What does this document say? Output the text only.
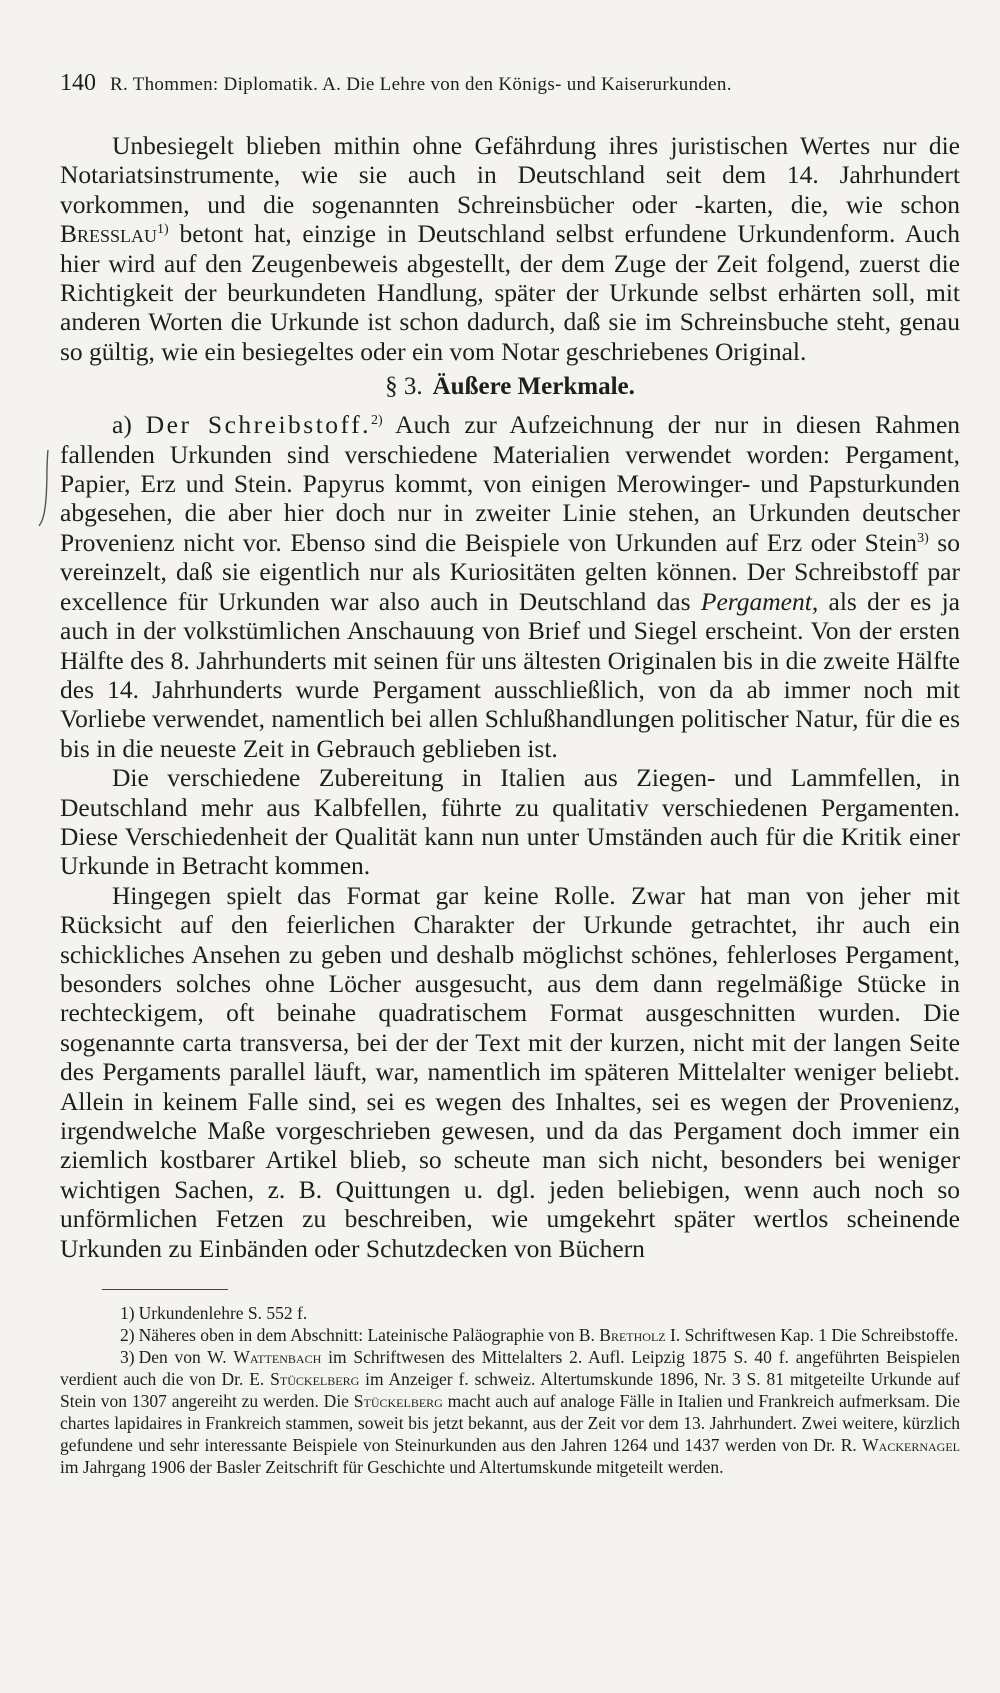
140 R. Thommen: Diplomatik. A. Die Lehre von den Königs- und Kaiserurkunden.

Unbesiegelt blieben mithin ohne Gefährdung ihres juristischen Wertes nur die Notariatsinstrumente, wie sie auch in Deutschland seit dem 14. Jahrhundert vorkommen, und die sogenannten Schreinsbücher oder -karten, die, wie schon Bresslau$^{1)}$ betont hat, einzige in Deutschland selbst erfundene Urkundenform. Auch hier wird auf den Zeugenbeweis abgestellt, der dem Zuge der Zeit folgend, zuerst die Richtigkeit der beurkundeten Handlung, später der Urkunde selbst erhärten soll, mit anderen Worten die Urkunde ist schon dadurch, daß sie im Schreinsbuche steht, genau so gültig, wie ein besiegeltes oder ein vom Notar geschriebenes Original.

§ 3. Äußere Merkmale.

a) Der Schreibstoff.$^{2)}$ Auch zur Aufzeichnung der nur in diesen Rahmen fallenden Urkunden sind verschiedene Materialien verwendet worden: Pergament, Papier, Erz und Stein. Papyrus kommt, von einigen Merowinger- und Papsturkunden abgesehen, die aber hier doch nur in zweiter Linie stehen, an Urkunden deutscher Provenienz nicht vor. Ebenso sind die Beispiele von Urkunden auf Erz oder Stein$^{3)}$ so vereinzelt, daß sie eigentlich nur als Kuriositäten gelten können. Der Schreibstoff par excellence für Urkunden war also auch in Deutschland das Pergament, als der es ja auch in der volkstümlichen Anschauung von Brief und Siegel erscheint. Von der ersten Hälfte des 8. Jahrhunderts mit seinen für uns ältesten Originalen bis in die zweite Hälfte des 14. Jahrhunderts wurde Pergament ausschließlich, von da ab immer noch mit Vorliebe verwendet, namentlich bei allen Schlußhandlungen politischer Natur, für die es bis in die neueste Zeit in Gebrauch geblieben ist.

Die verschiedene Zubereitung in Italien aus Ziegen- und Lammfellen, in Deutschland mehr aus Kalbfellen, führte zu qualitativ verschiedenen Pergamenten. Diese Verschiedenheit der Qualität kann nun unter Umständen auch für die Kritik einer Urkunde in Betracht kommen.

Hingegen spielt das Format gar keine Rolle. Zwar hat man von jeher mit Rücksicht auf den feierlichen Charakter der Urkunde getrachtet, ihr auch ein schickliches Ansehen zu geben und deshalb möglichst schönes, fehlerloses Pergament, besonders solches ohne Löcher ausgesucht, aus dem dann regelmäßige Stücke in rechteckigem, oft beinahe quadratischem Format ausgeschnitten wurden. Die sogenannte carta transversa, bei der der Text mit der kurzen, nicht mit der langen Seite des Pergaments parallel läuft, war, namentlich im späteren Mittelalter weniger beliebt. Allein in keinem Falle sind, sei es wegen des Inhaltes, sei es wegen der Provenienz, irgendwelche Maße vorgeschrieben gewesen, und da das Pergament doch immer ein ziemlich kostbarer Artikel blieb, so scheute man sich nicht, besonders bei weniger wichtigen Sachen, z. B. Quittungen u. dgl. jeden beliebigen, wenn auch noch so unförmlichen Fetzen zu beschreiben, wie umgekehrt später wertlos scheinende Urkunden zu Einbänden oder Schutzdecken von Büchern

1) Urkundenlehre S. 552 f.

2) Näheres oben in dem Abschnitt: Lateinische Paläographie von B. Bretholz I. Schriftwesen Kap. 1 Die Schreibstoffe.

3) Den von W. Wattenbach im Schriftwesen des Mittelalters 2. Aufl. Leipzig 1875 S. 40 f. angeführten Beispielen verdient auch die von Dr. E. Stückelberg im Anzeiger f. schweiz. Altertumskunde 1896, Nr. 3 S. 81 mitgeteilte Urkunde auf Stein von 1307 angereiht zu werden. Die Stückelberg macht auch auf analoge Fälle in Italien und Frankreich aufmerksam. Die chartes lapidaires in Frankreich stammen, soweit bis jetzt bekannt, aus der Zeit vor dem 13. Jahrhundert. Zwei weitere, kürzlich gefundene und sehr interessante Beispiele von Steinurkunden aus den Jahren 1264 und 1437 werden von Dr. R. Wackernagel im Jahrgang 1906 der Basler Zeitschrift für Geschichte und Altertumskunde mitgeteilt werden.
